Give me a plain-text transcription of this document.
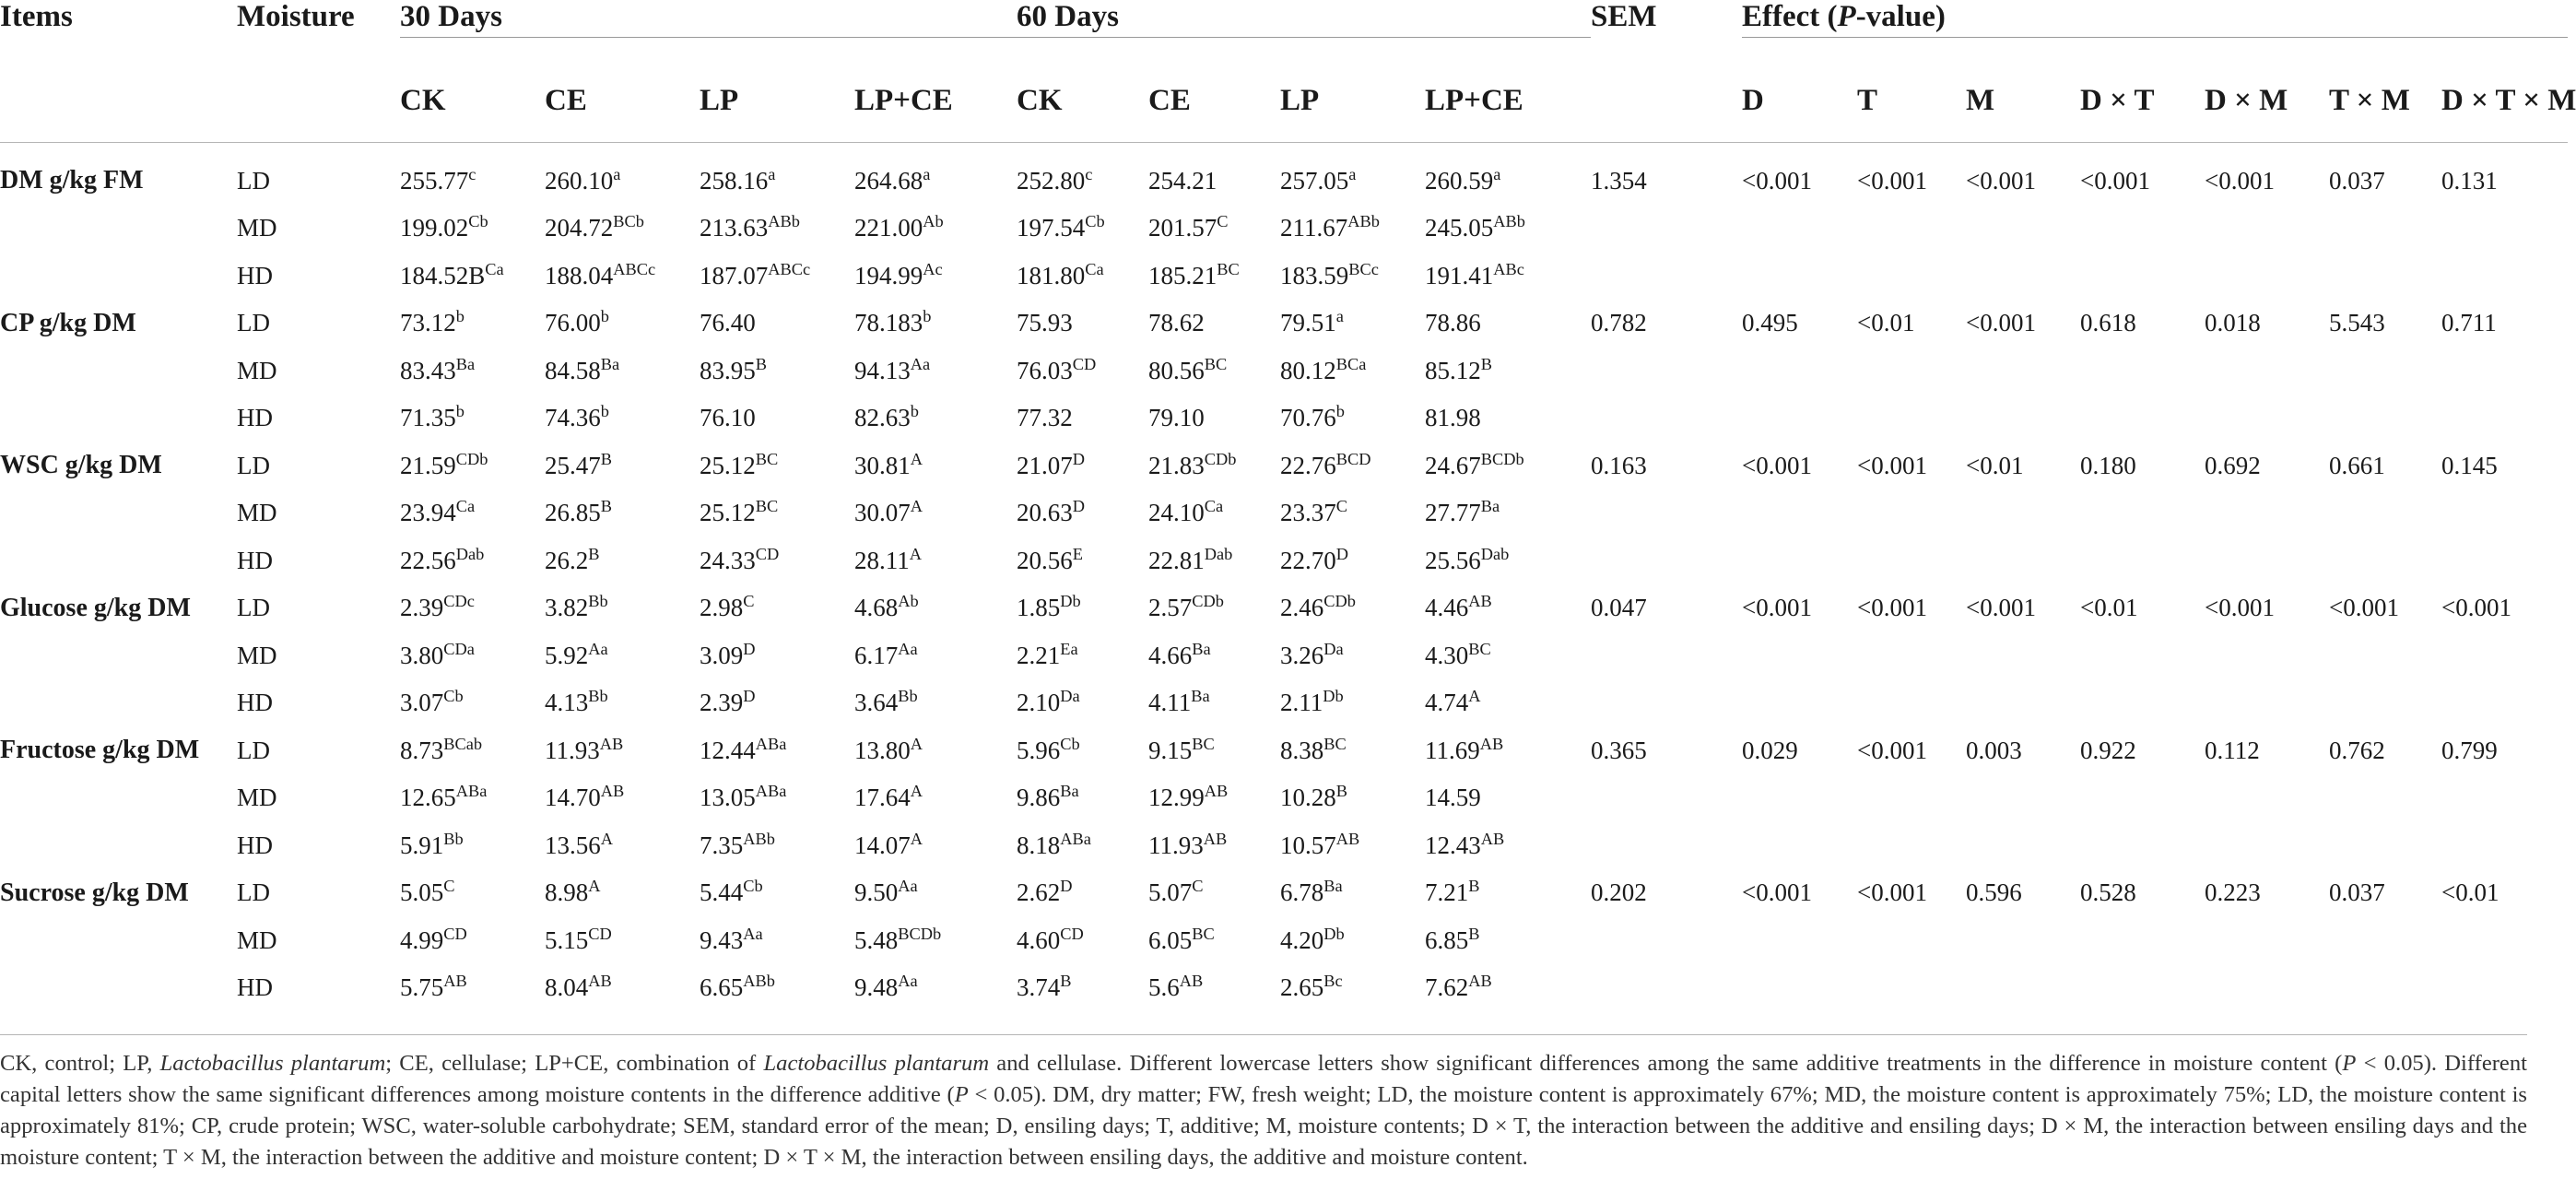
Items	Moisture	30 Days				60 Days				SEM		Effect (P-value)						

		CK	CE	LP	LP+CE	CK	CE	LP	LP+CE			D	T	M	D × T	D × M	T × M	D × T × M

DM g/kg FM	LD	255.77$^c$	260.10$^a$	258.16$^a$	264.68$^a$	252.80$^c$	254.21	257.05$^a$	260.59$^a$	1.354		<0.001	<0.001	<0.001	<0.001	<0.001	0.037	0.131
	MD	$199.02^{Cb}$	$204.72^{BCb}$	$213.63^{ABb}$	$221.00^{Ab}$	$197.54^{Cb}$	$201.57^C$	$211.67^{ABb}$	$245.05^{ABb}$									
	HD	$184.52B^{Ca}$	$188.04^{ABCc}$	$187.07^{ABCc}$	$194.99^{Ac}$	$181.80^{Ca}$	$185.21^{BC}$	$183.59^{BCc}$	$191.41^{ABc}$									
CP g/kg DM	LD	73.12$^b$	76.00$^b$	76.40	78.183$^b$	75.93	78.62	79.51$^a$	78.86	0.782		0.495	<0.01	<0.001	0.618	0.018	5.543	0.711
	MD	$83.43^{Ba}$	$84.58^{Ba}$	$83.95^B$	$94.13^{Aa}$	$76.03^{CD}$	$80.56^{BC}$	$80.12^{BCa}$	$85.12^B$									
	HD	71.35$^b$	74.36$^b$	76.10	82.63$^b$	77.32	79.10	70.76$^b$	81.98									
WSC g/kg DM	LD	$21.59^{CDb}$	$25.47^B$	$25.12^{BC}$	$30.81^A$	$21.07^D$	$21.83^{CDb}$	$22.76^{BCD}$	$24.67^{BCDb}$	0.163		<0.001	<0.001	<0.01	0.180	0.692	0.661	0.145
	MD	$23.94^{Ca}$	$26.85^B$	$25.12^{BC}$	$30.07^A$	$20.63^D$	$24.10^{Ca}$	$23.37^C$	$27.77^{Ba}$									
	HD	$22.56^{Dab}$	$26.2^B$	$24.33^{CD}$	$28.11^A$	$20.56^E$	$22.81^{Dab}$	$22.70^D$	$25.56^{Dab}$									
Glucose g/kg DM	LD	$2.39^{CDc}$	$3.82^{Bb}$	$2.98^C$	$4.68^{Ab}$	$1.85^{Db}$	$2.57^{CDb}$	$2.46^{CDb}$	$4.46^{AB}$	0.047		<0.001	<0.001	<0.001	<0.01	<0.001	<0.001	<0.001
	MD	$3.80^{CDa}$	$5.92^{Aa}$	$3.09^D$	$6.17^{Aa}$	$2.21^{Ea}$	$4.66^{Ba}$	$3.26^{Da}$	$4.30^{BC}$									
	HD	$3.07^{Cb}$	$4.13^{Bb}$	$2.39^D$	$3.64^{Bb}$	$2.10^{Da}$	$4.11^{Ba}$	$2.11^{Db}$	$4.74^A$									
Fructose g/kg DM	LD	$8.73^{BCab}$	$11.93^{AB}$	$12.44^{ABa}$	$13.80^A$	$5.96^{Cb}$	$9.15^{BC}$	$8.38^{BC}$	$11.69^{AB}$	0.365		0.029	<0.001	0.003	0.922	0.112	0.762	0.799
	MD	$12.65^{ABa}$	$14.70^{AB}$	$13.05^{ABa}$	$17.64^A$	$9.86^{Ba}$	$12.99^{AB}$	$10.28^B$	14.59									
	HD	$5.91^{Bb}$	$13.56^A$	$7.35^{ABb}$	$14.07^A$	$8.18^{ABa}$	$11.93^{AB}$	$10.57^{AB}$	$12.43^{AB}$									
Sucrose g/kg DM	LD	$5.05^C$	$8.98^A$	$5.44^{Cb}$	$9.50^{Aa}$	$2.62^D$	$5.07^C$	$6.78^{Ba}$	$7.21^B$	0.202		<0.001	<0.001	0.596	0.528	0.223	0.037	<0.01
	MD	$4.99^{CD}$	$5.15^{CD}$	$9.43^{Aa}$	$5.48^{BCDb}$	$4.60^{CD}$	$6.05^{BC}$	$4.20^{Db}$	$6.85^B$									
	HD	$5.75^{AB}$	$8.04^{AB}$	$6.65^{ABb}$	$9.48^{Aa}$	$3.74^B$	$5.6^{AB}$	$2.65^{Bc}$	$7.62^{AB}$									
CK, control; LP, Lactobacillus plantarum; CE, cellulase; LP+CE, combination of Lactobacillus plantarum and cellulase. Different lowercase letters show significant differences among the same additive treatments in the difference in moisture content (P < 0.05). Different capital letters show the same significant differences among moisture contents in the difference additive (P < 0.05). DM, dry matter; FW, fresh weight; LD, the moisture content is approximately 67%; MD, the moisture content is approximately 75%; LD, the moisture content is approximately 81%; CP, crude protein; WSC, water-soluble carbohydrate; SEM, standard error of the mean; D, ensiling days; T, additive; M, moisture contents; D × T, the interaction between the additive and ensiling days; D × M, the interaction between ensiling days and the moisture content; T × M, the interaction between the additive and moisture content; D × T × M, the interaction between ensiling days, the additive and moisture content.
